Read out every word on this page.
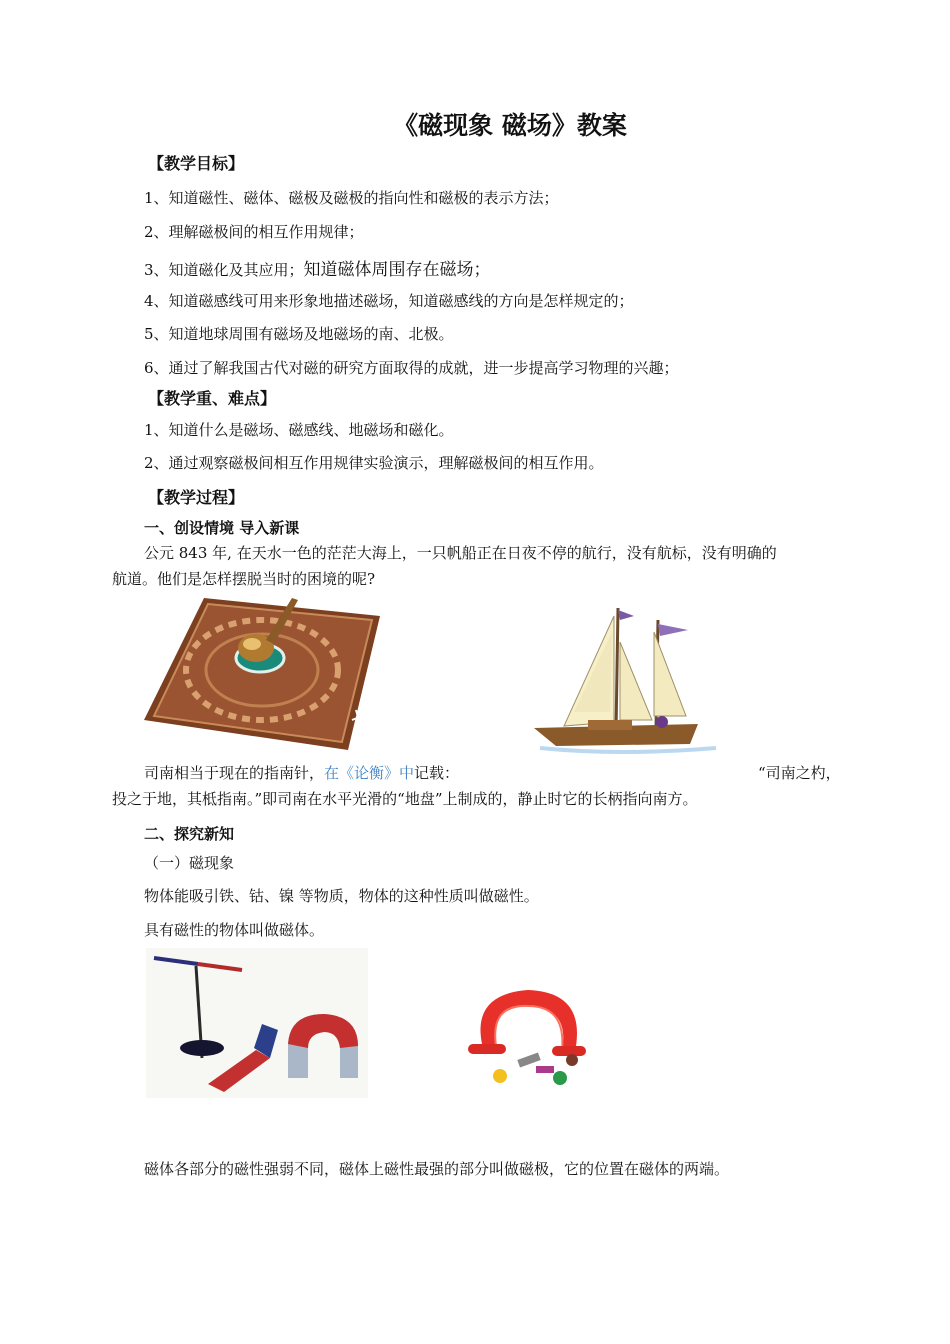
《磁现象 磁场》教案
【教学目标】
1、知道磁性、磁体、磁极及磁极的指向性和磁极的表示方法；
2、理解磁极间的相互作用规律；
3、知道磁化及其应用；知道磁体周围存在磁场；
4、知道磁感线可用来形象地描述磁场，知道磁感线的方向是怎样规定的；
5、知道地球周围有磁场及地磁场的南、北极。
6、通过了解我国古代对磁的研究方面取得的成就，进一步提高学习物理的兴趣；
【教学重、难点】
1、知道什么是磁场、磁感线、地磁场和磁化。
2、通过观察磁极间相互作用规律实验演示，理解磁极间的相互作用。
【教学过程】
一、创设情境 导入新课
公元 843 年, 在天水一色的茫茫大海上，一只帆船正在日夜不停的航行，没有航标，没有明确的
航道。他们是怎样摆脱当时的困境的呢?
司南相当于现在的指南针，在《论衡》中记载：	“司南之杓，
投之于地，其柢指南。”即司南在水平光滑的“地盘”上制成的，静止时它的长柄指向南方。
二、探究新知
（一）磁现象
物体能吸引铁、钴、镍 等物质，物体的这种性质叫做磁性。
具有磁性的物体叫做磁体。
磁体各部分的磁性强弱不同，磁体上磁性最强的部分叫做磁极，它的位置在磁体的两端。
